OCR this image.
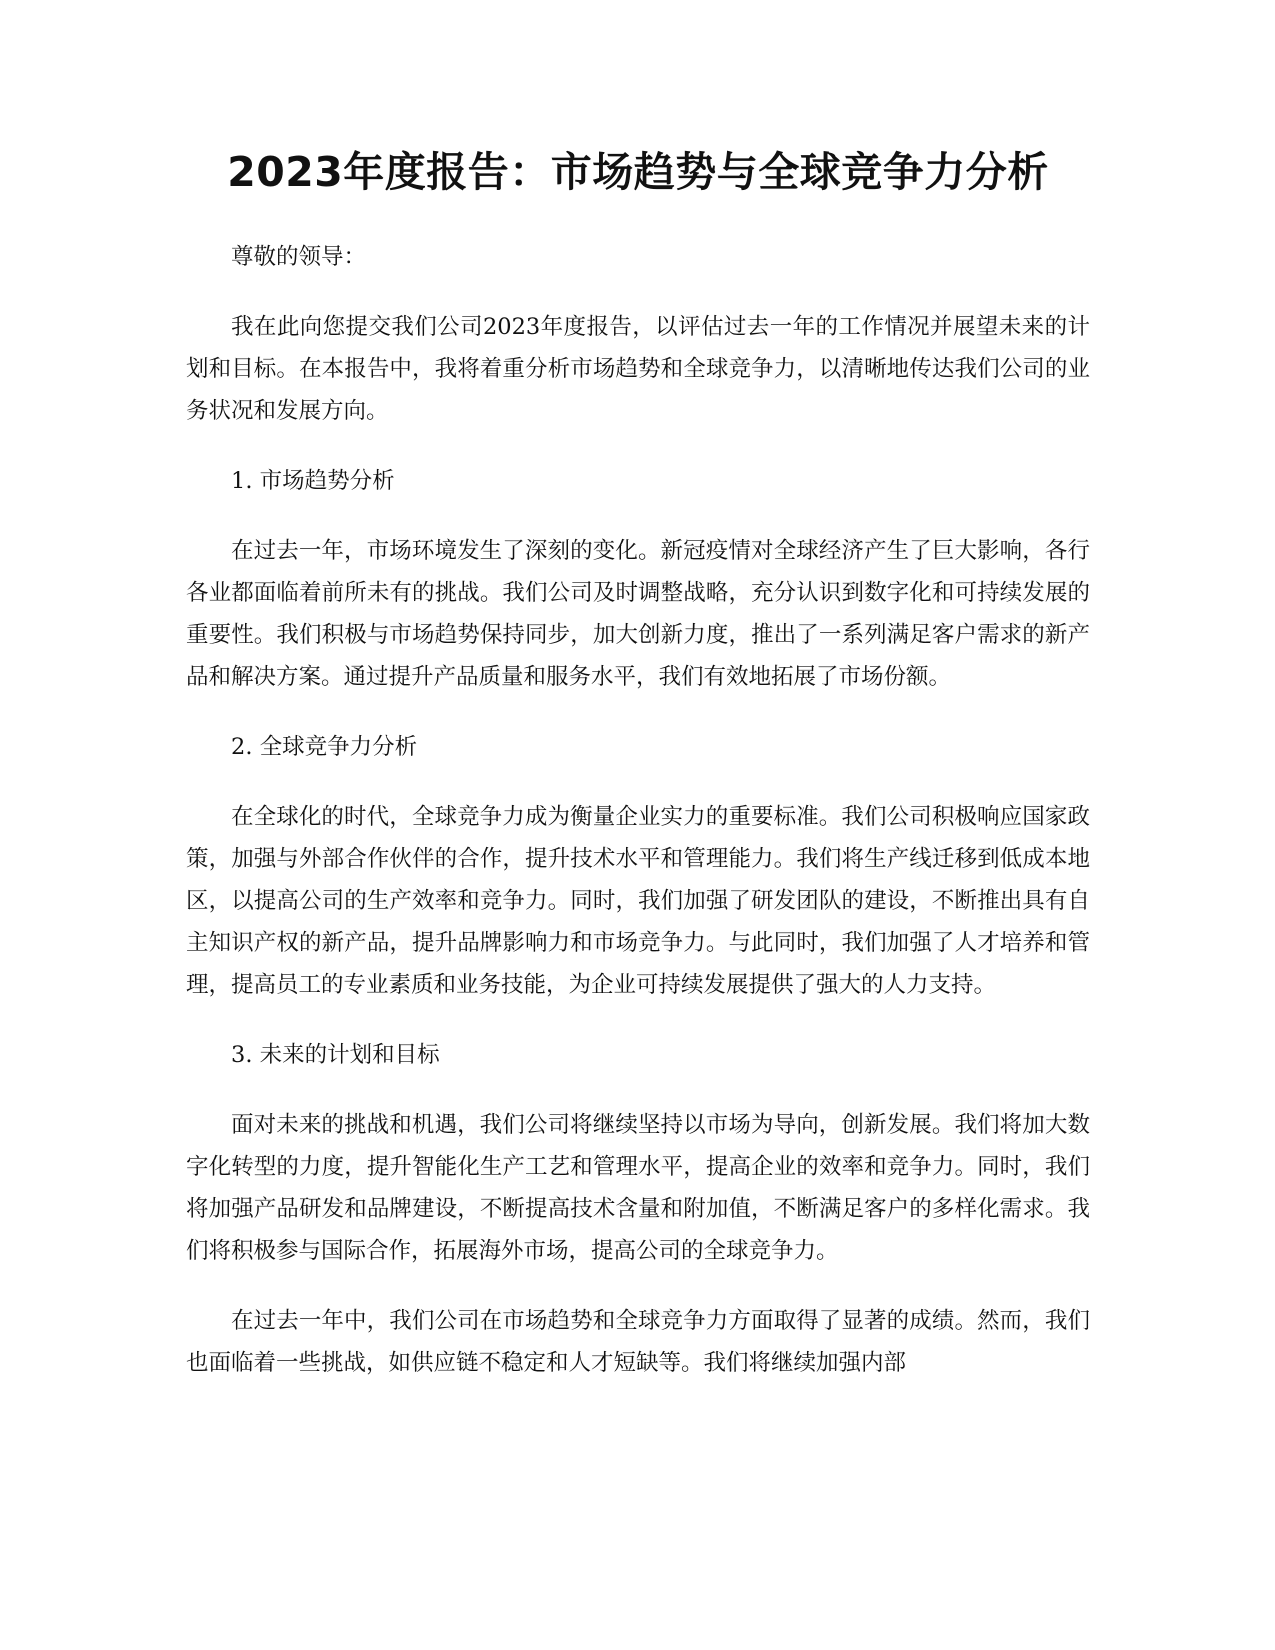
2023年度报告：市场趋势与全球竞争力分析

尊敬的领导：

我在此向您提交我们公司2023年度报告，以评估过去一年的工作情况并展望未来的计划和目标。在本报告中，我将着重分析市场趋势和全球竞争力，以清晰地传达我们公司的业务状况和发展方向。

1. 市场趋势分析

在过去一年，市场环境发生了深刻的变化。新冠疫情对全球经济产生了巨大影响，各行各业都面临着前所未有的挑战。我们公司及时调整战略，充分认识到数字化和可持续发展的重要性。我们积极与市场趋势保持同步，加大创新力度，推出了一系列满足客户需求的新产品和解决方案。通过提升产品质量和服务水平，我们有效地拓展了市场份额。

2. 全球竞争力分析

在全球化的时代，全球竞争力成为衡量企业实力的重要标准。我们公司积极响应国家政策，加强与外部合作伙伴的合作，提升技术水平和管理能力。我们将生产线迁移到低成本地区，以提高公司的生产效率和竞争力。同时，我们加强了研发团队的建设，不断推出具有自主知识产权的新产品，提升品牌影响力和市场竞争力。与此同时，我们加强了人才培养和管理，提高员工的专业素质和业务技能，为企业可持续发展提供了强大的人力支持。

3. 未来的计划和目标

面对未来的挑战和机遇，我们公司将继续坚持以市场为导向，创新发展。我们将加大数字化转型的力度，提升智能化生产工艺和管理水平，提高企业的效率和竞争力。同时，我们将加强产品研发和品牌建设，不断提高技术含量和附加值，不断满足客户的多样化需求。我们将积极参与国际合作，拓展海外市场，提高公司的全球竞争力。

在过去一年中，我们公司在市场趋势和全球竞争力方面取得了显著的成绩。然而，我们也面临着一些挑战，如供应链不稳定和人才短缺等。我们将继续加强内部
